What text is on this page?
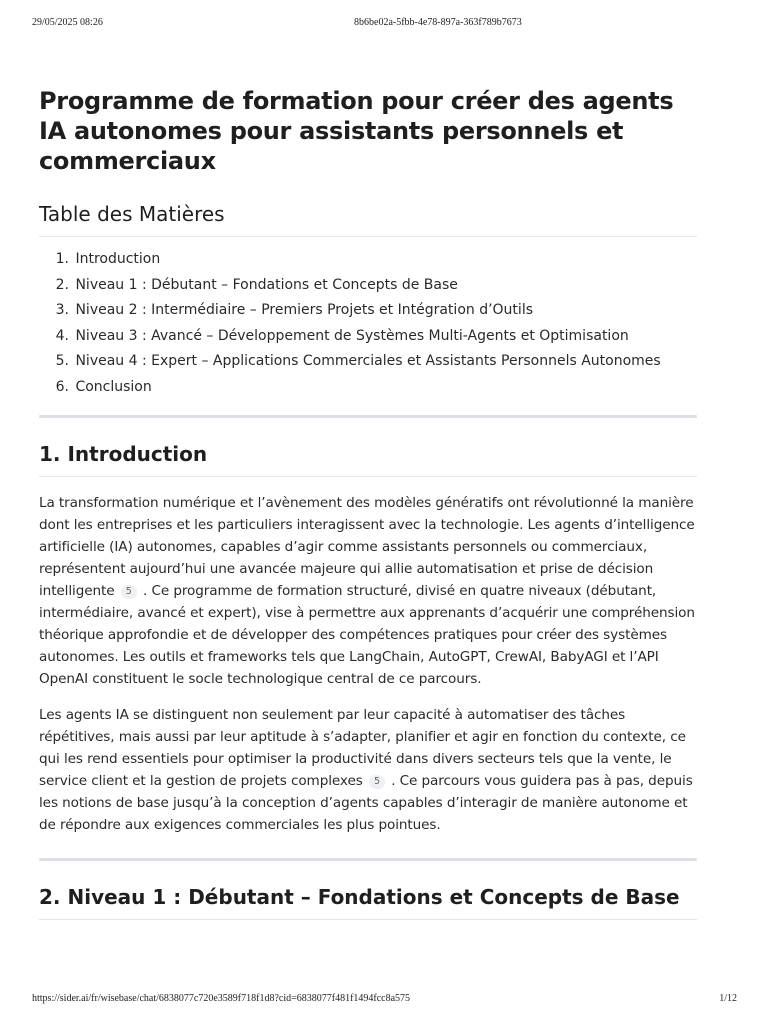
29/05/2025 08:26	8b6be02a-5fbb-4e78-897a-363f789b7673
Programme de formation pour créer des agents IA autonomes pour assistants personnels et commerciaux
Table des Matières
1. Introduction
2. Niveau 1 : Débutant – Fondations et Concepts de Base
3. Niveau 2 : Intermédiaire – Premiers Projets et Intégration d’Outils
4. Niveau 3 : Avancé – Développement de Systèmes Multi-Agents et Optimisation
5. Niveau 4 : Expert – Applications Commerciales et Assistants Personnels Autonomes
6. Conclusion
1. Introduction

La transformation numérique et l’avènement des modèles génératifs ont révolutionné la manière dont les entreprises et les particuliers interagissent avec la technologie. Les agents d’intelligence artificielle (IA) autonomes, capables d’agir comme assistants personnels ou commerciaux, représentent aujourd’hui une avancée majeure qui allie automatisation et prise de décision intelligente 5 . Ce programme de formation structuré, divisé en quatre niveaux (débutant, intermédiaire, avancé et expert), vise à permettre aux apprenants d’acquérir une compréhension théorique approfondie et de développer des compétences pratiques pour créer des systèmes autonomes. Les outils et frameworks tels que LangChain, AutoGPT, CrewAI, BabyAGI et l’API OpenAI constituent le socle technologique central de ce parcours.

Les agents IA se distinguent non seulement par leur capacité à automatiser des tâches répétitives, mais aussi par leur aptitude à s’adapter, planifier et agir en fonction du contexte, ce qui les rend essentiels pour optimiser la productivité dans divers secteurs tels que la vente, le service client et la gestion de projets complexes 5 . Ce parcours vous guidera pas à pas, depuis les notions de base jusqu’à la conception d’agents capables d’interagir de manière autonome et de répondre aux exigences commerciales les plus pointues.

2. Niveau 1 : Débutant – Fondations et Concepts de Base
https://sider.ai/fr/wisebase/chat/6838077c720e3589f718f1d8?cid=6838077f481f1494fcc8a575	1/12
